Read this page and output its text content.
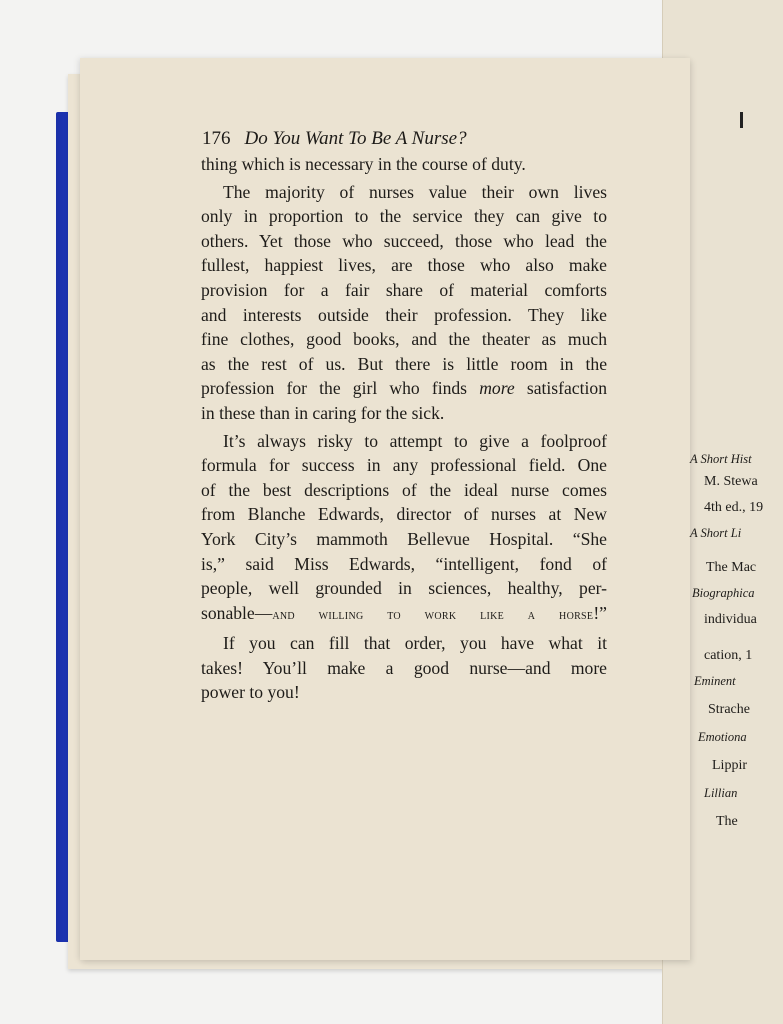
176 Do You Want To Be A Nurse?
thing which is necessary in the course of duty.
The majority of nurses value their own lives
only in proportion to the service they can give to
others. Yet those who succeed, those who lead the
fullest, happiest lives, are those who also make
provision for a fair share of material comforts
and interests outside their profession. They like
fine clothes, good books, and the theater as much
as the rest of us. But there is little room in the
profession for the girl who finds more satisfaction
in these than in caring for the sick.
It’s always risky to attempt to give a foolproof
formula for success in any professional field. One
of the best descriptions of the ideal nurse comes
from Blanche Edwards, director of nurses at New
York City’s mammoth Bellevue Hospital. “She
is,” said Miss Edwards, “intelligent, fond of
people, well grounded in sciences, healthy, per-
sonable—and willing to work like a horse!”
If you can fill that order, you have what it
takes! You’ll make a good nurse—and more
power to you!
A Short Hist
M. Stewa
4th ed., 19
A Short Li
The Mac
Biographica
individua
cation, 1
Eminent
Strache
Emotiona
Lippir
Lillian
The
